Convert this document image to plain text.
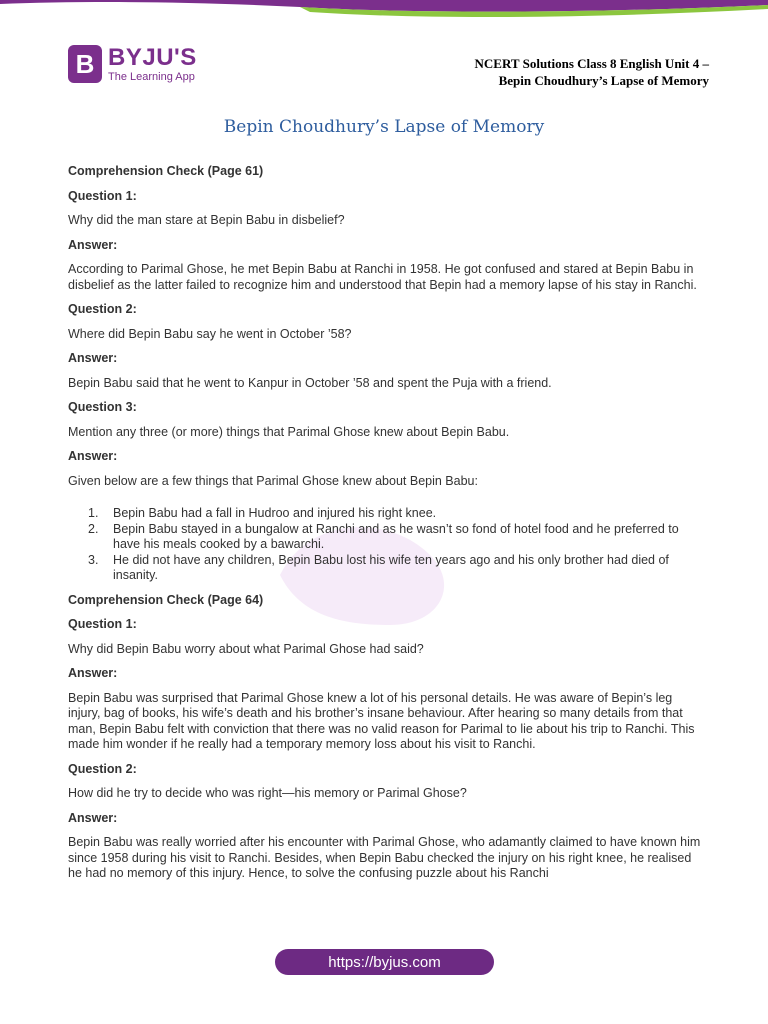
B BYJU'S
The Learning App
NCERT Solutions Class 8 English Unit 4 –
Bepin Choudhury’s Lapse of Memory
Bepin Choudhury’s Lapse of Memory

Comprehension Check (Page 61)

Question 1:

Why did the man stare at Bepin Babu in disbelief?

Answer:

According to Parimal Ghose, he met Bepin Babu at Ranchi in 1958. He got confused and stared at Bepin Babu in disbelief as the latter failed to recognize him and understood that Bepin had a memory lapse of his stay in Ranchi.

Question 2:

Where did Bepin Babu say he went in October ’58?

Answer:

Bepin Babu said that he went to Kanpur in October ’58 and spent the Puja with a friend.

Question 3:

Mention any three (or more) things that Parimal Ghose knew about Bepin Babu.

Answer:

Given below are a few things that Parimal Ghose knew about Bepin Babu:

1. Bepin Babu had a fall in Hudroo and injured his right knee.
2. Bepin Babu stayed in a bungalow at Ranchi and as he wasn’t so fond of hotel food and he preferred to have his meals cooked by a bawarchi.
3. He did not have any children, Bepin Babu lost his wife ten years ago and his only brother had died of insanity.

Comprehension Check (Page 64)

Question 1:

Why did Bepin Babu worry about what Parimal Ghose had said?

Answer:

Bepin Babu was surprised that Parimal Ghose knew a lot of his personal details. He was aware of Bepin’s leg injury, bag of books, his wife’s death and his brother’s insane behaviour. After hearing so many details from that man, Bepin Babu felt with conviction that there was no valid reason for Parimal to lie about his trip to Ranchi. This made him wonder if he really had a temporary memory loss about his visit to Ranchi.

Question 2:

How did he try to decide who was right—his memory or Parimal Ghose?

Answer:

Bepin Babu was really worried after his encounter with Parimal Ghose, who adamantly claimed to have known him since 1958 during his visit to Ranchi. Besides, when Bepin Babu checked the injury on his right knee, he realised he had no memory of this injury. Hence, to solve the confusing puzzle about his Ranchi

https://byjus.com
